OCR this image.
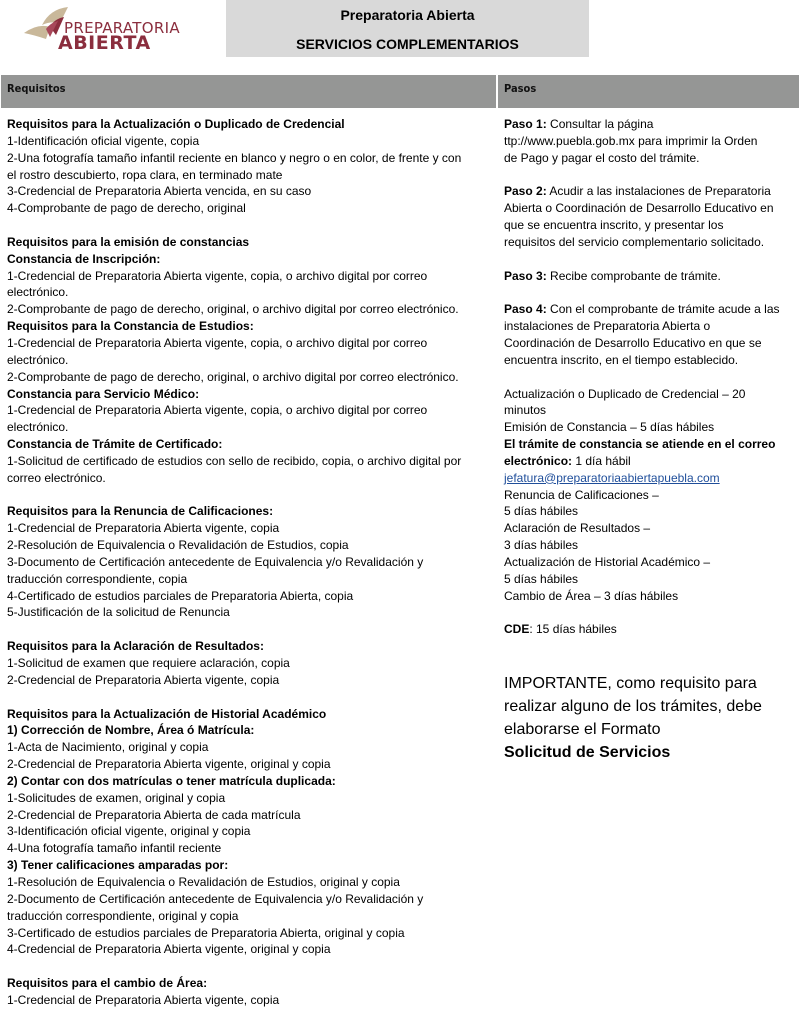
PREPARATORIA
ABIERTA
Preparatoria Abierta
SERVICIOS COMPLEMENTARIOS
Requisitos	Pasos
Requisitos para la Actualización o Duplicado de Credencial
1-Identificación oficial vigente, copia
2-Una fotografía tamaño infantil reciente en blanco y negro o en color, de frente y con
el rostro descubierto, ropa clara, en terminado mate
3-Credencial de Preparatoria Abierta vencida, en su caso
4-Comprobante de pago de derecho, original
Requisitos para la emisión de constancias
Constancia de Inscripción:
1-Credencial de Preparatoria Abierta vigente, copia, o archivo digital por correo
electrónico.
2-Comprobante de pago de derecho, original, o archivo digital por correo electrónico.
Requisitos para la Constancia de Estudios:
1-Credencial de Preparatoria Abierta vigente, copia, o archivo digital por correo
electrónico.
2-Comprobante de pago de derecho, original, o archivo digital por correo electrónico.
Constancia para Servicio Médico:
1-Credencial de Preparatoria Abierta vigente, copia, o archivo digital por correo
electrónico.
Constancia de Trámite de Certificado:
1-Solicitud de certificado de estudios con sello de recibido, copia, o archivo digital por
correo electrónico.
Requisitos para la Renuncia de Calificaciones:
1-Credencial de Preparatoria Abierta vigente, copia
2-Resolución de Equivalencia o Revalidación de Estudios, copia
3-Documento de Certificación antecedente de Equivalencia y/o Revalidación y
traducción correspondiente, copia
4-Certificado de estudios parciales de Preparatoria Abierta, copia
5-Justificación de la solicitud de Renuncia
Requisitos para la Aclaración de Resultados:
1-Solicitud de examen que requiere aclaración, copia
2-Credencial de Preparatoria Abierta vigente, copia
Requisitos para la Actualización de Historial Académico
1) Corrección de Nombre, Área ó Matrícula:
1-Acta de Nacimiento, original y copia
2-Credencial de Preparatoria Abierta vigente, original y copia
2) Contar con dos matrículas o tener matrícula duplicada:
1-Solicitudes de examen, original y copia
2-Credencial de Preparatoria Abierta de cada matrícula
3-Identificación oficial vigente, original y copia
4-Una fotografía tamaño infantil reciente
3) Tener calificaciones amparadas por:
1-Resolución de Equivalencia o Revalidación de Estudios, original y copia
2-Documento de Certificación antecedente de Equivalencia y/o Revalidación y
traducción correspondiente, original y copia
3-Certificado de estudios parciales de Preparatoria Abierta, original y copia
4-Credencial de Preparatoria Abierta vigente, original y copia
Requisitos para el cambio de Área:
1-Credencial de Preparatoria Abierta vigente, copia
Paso 1: Consultar la página
ttp://www.puebla.gob.mx para imprimir la Orden
de Pago y pagar el costo del trámite.
Paso 2: Acudir a las instalaciones de Preparatoria
Abierta o Coordinación de Desarrollo Educativo en
que se encuentra inscrito, y presentar los
requisitos del servicio complementario solicitado.
Paso 3: Recibe comprobante de trámite.
Paso 4: Con el comprobante de trámite acude a las
instalaciones de Preparatoria Abierta o
Coordinación de Desarrollo Educativo en que se
encuentra inscrito, en el tiempo establecido.
Actualización o Duplicado de Credencial – 20
minutos
Emisión de Constancia – 5 días hábiles
El trámite de constancia se atiende en el correo
electrónico: 1 día hábil
jefatura@preparatoriaabiertapuebla.com
Renuncia de Calificaciones –
5 días hábiles
Aclaración de Resultados –
3 días hábiles
Actualización de Historial Académico –
5 días hábiles
Cambio de Área – 3 días hábiles
CDE: 15 días hábiles
IMPORTANTE, como requisito para
realizar alguno de los trámites, debe
elaborarse el Formato
Solicitud de Servicios
